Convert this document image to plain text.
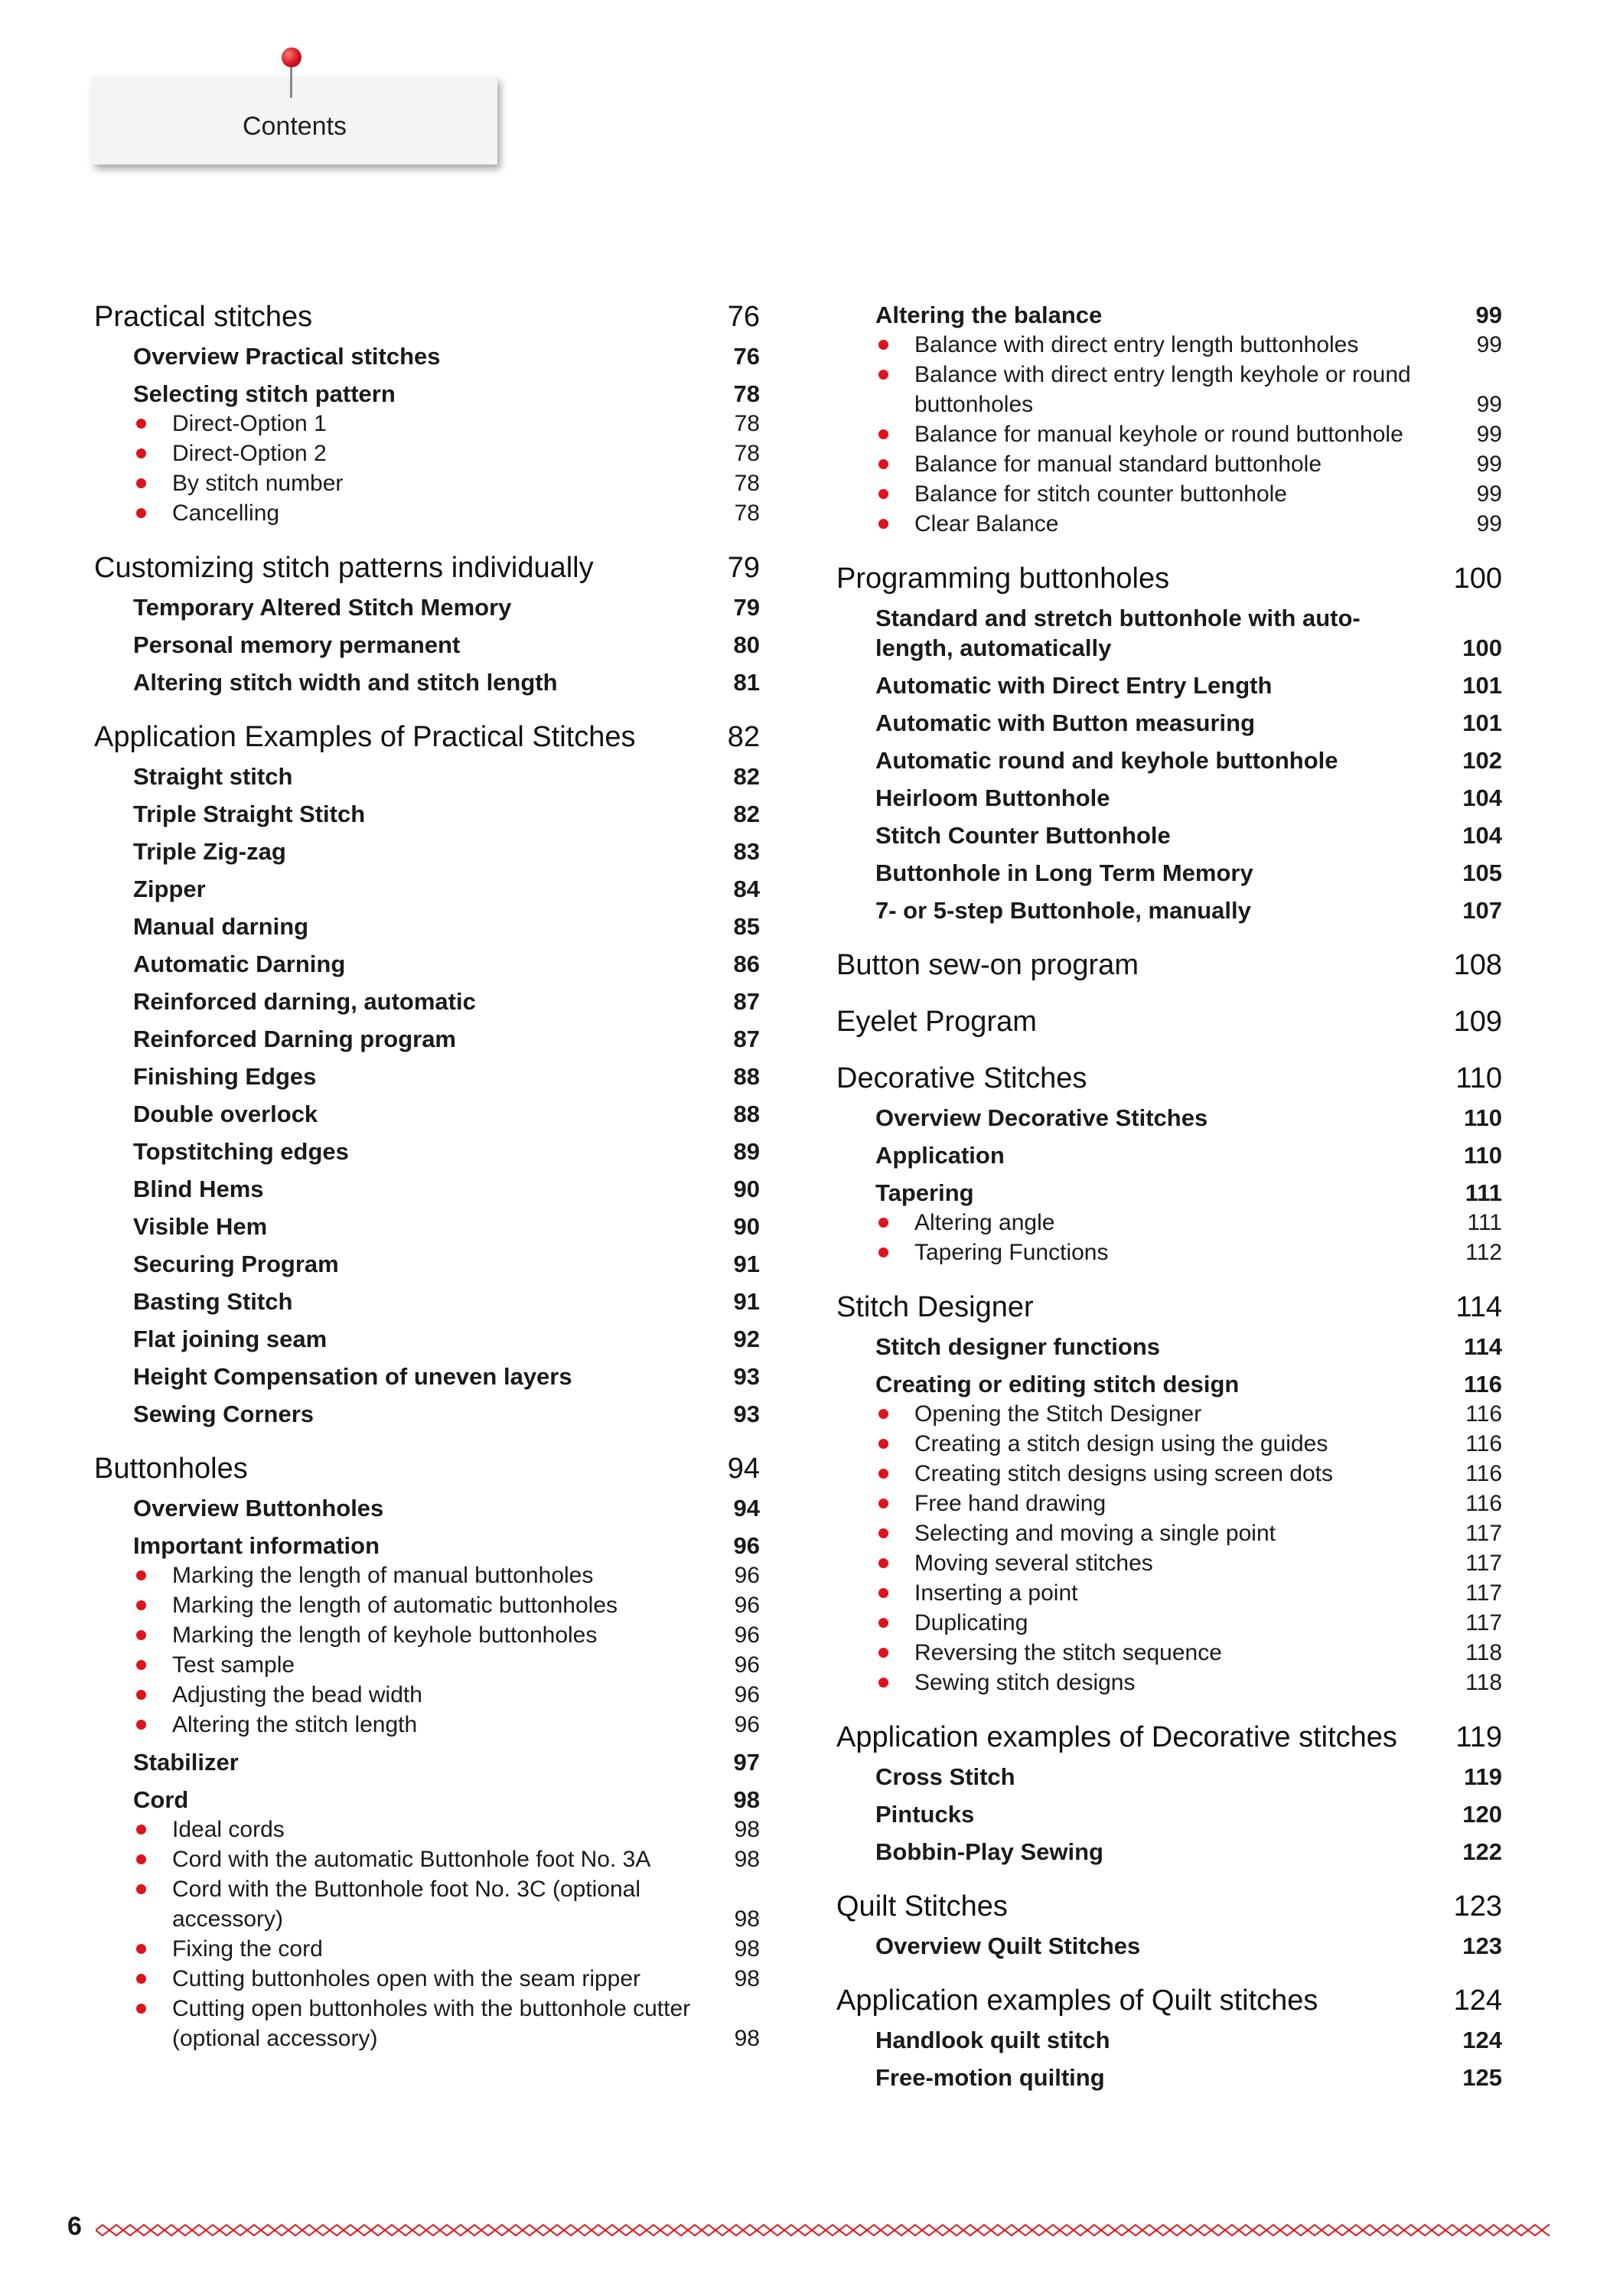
Contents
Practical stitches	76
Overview Practical stitches	76
Selecting stitch pattern	78
Direct-Option 1	78
Direct-Option 2	78
By stitch number	78
Cancelling	78
Customizing stitch patterns individually	79
Temporary Altered Stitch Memory	79
Personal memory permanent	80
Altering stitch width and stitch length	81
Application Examples of Practical Stitches	82
Straight stitch	82
Triple Straight Stitch	82
Triple Zig-zag	83
Zipper	84
Manual darning	85
Automatic Darning	86
Reinforced darning, automatic	87
Reinforced Darning program	87
Finishing Edges	88
Double overlock	88
Topstitching edges	89
Blind Hems	90
Visible Hem	90
Securing Program	91
Basting Stitch	91
Flat joining seam	92
Height Compensation of uneven layers	93
Sewing Corners	93
Buttonholes	94
Overview Buttonholes	94
Important information	96
Marking the length of manual buttonholes	96
Marking the length of automatic buttonholes	96
Marking the length of keyhole buttonholes	96
Test sample	96
Adjusting the bead width	96
Altering the stitch length	96
Stabilizer	97
Cord	98
Ideal cords	98
Cord with the automatic Buttonhole foot No. 3A	98
Cord with the Buttonhole foot No. 3C (optional accessory)	98
Fixing the cord	98
Cutting buttonholes open with the seam ripper	98
Cutting open buttonholes with the buttonhole cutter (optional accessory)	98
Altering the balance	99
Balance with direct entry length buttonholes	99
Balance with direct entry length keyhole or round buttonholes	99
Balance for manual keyhole or round buttonhole	99
Balance for manual standard buttonhole	99
Balance for stitch counter buttonhole	99
Clear Balance	99
Programming buttonholes	100
Standard and stretch buttonhole with auto-length, automatically	100
Automatic with Direct Entry Length	101
Automatic with Button measuring	101
Automatic round and keyhole buttonhole	102
Heirloom Buttonhole	104
Stitch Counter Buttonhole	104
Buttonhole in Long Term Memory	105
7- or 5-step Buttonhole, manually	107
Button sew-on program	108
Eyelet Program	109
Decorative Stitches	110
Overview Decorative Stitches	110
Application	110
Tapering	111
Altering angle	111
Tapering Functions	112
Stitch Designer	114
Stitch designer functions	114
Creating or editing stitch design	116
Opening the Stitch Designer	116
Creating a stitch design using the guides	116
Creating stitch designs using screen dots	116
Free hand drawing	116
Selecting and moving a single point	117
Moving several stitches	117
Inserting a point	117
Duplicating	117
Reversing the stitch sequence	118
Sewing stitch designs	118
Application examples of Decorative stitches	119
Cross Stitch	119
Pintucks	120
Bobbin-Play Sewing	122
Quilt Stitches	123
Overview Quilt Stitches	123
Application examples of Quilt stitches	124
Handlook quilt stitch	124
Free-motion quilting	125
6
